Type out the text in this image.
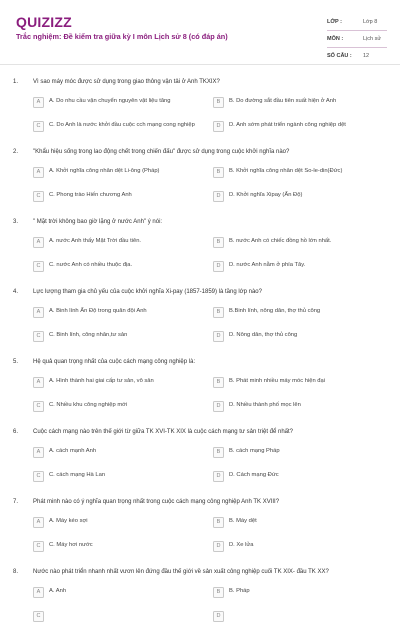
QUIZIZZ
Trắc nghiệm: Đề kiểm tra giữa kỳ I môn Lịch sử 8 (có đáp án)
LỚP :	Lớp 8
MÔN :	Lịch sử
SỐ CÂU :	12
1. Vì sao máy móc được sử dụng trong giao thông vận tải ở Anh TKXIX?
A	A. Do nhu cầu vận chuyển nguyên vật liệu tăng	B	B. Do đường sắt đầu tiên xuất hiện ở Anh
C	C. Do Anh là nước khởi đầu cuộc cch mạng cong nghiệp	D	D. Anh sớm phát triển ngành công nghiệp dệt
2. "Khẩu hiệu sống trong lao động chết trong chiến đấu" được sử dụng trong cuộc khởi nghĩa nào?
A	A. Khởi nghĩa công nhân dệt Li-ông (Pháp)	B	B. Khởi nghĩa công nhân dệt So-le-din(Đức)
C	C. Phong trào Hiến chương Anh	D	D. Khởi nghĩa Xipay (Ấn Độ)
3. " Mặt trời không bao giờ lặng ở nước Anh" ý nói:
A	A. nước Anh thấy Mặt Trời đầu tiên.	B	B. nước Anh có chiếc đồng hồ lớn nhất.
C	C. nước Anh có nhiều thuộc địa.	D	D. nước Anh nằm ở phía Tây.
4. Lực lượng tham gia chủ yếu của cuộc khởi nghĩa Xi-pay (1857-1859) là tầng lớp nào?
A	A. Binh lính Ấn Độ trong quân đội Anh	B	B.Binh lính, nông dân, thợ thủ công
C	C. Binh lính, công nhân,tư sản	D	D. Nông dân, thợ thủ công
5. Hệ quả quan trọng nhất của cuộc cách mạng công nghiệp là:
A	A. Hình thành hai giai cấp tư sản, vô sản	B	B. Phát minh nhiều máy móc hiện đại
C	C. Nhiều khu công nghiệp mới	D	D. Nhiều thành phố mọc lên
6. Cuộc cách mạng nào trên thế giới từ giữa TK XVI-TK XIX là cuộc cách mạng tư sản triệt để nhất?
A	A. cách mạnh Anh	B	B. cách mạng Pháp
C	C. cách mạng Hà Lan	D	D. Cách mạng Đức
7. Phát minh nào có ý nghĩa quan trọng nhất trong cuộc cách mạng công nghiệp Anh TK XVIII?
A	A. Máy kéo sợi	B	B. Máy dệt
C	C. Máy hơi nước	D	D. Xe lửa
8. Nước nào phát triển nhanh nhất vươn lên đứng đầu thế giới về sản xuất công nghiệp cuối TK XIX- đầu TK XX?
A	A. Anh	B	B. Pháp
C	D
